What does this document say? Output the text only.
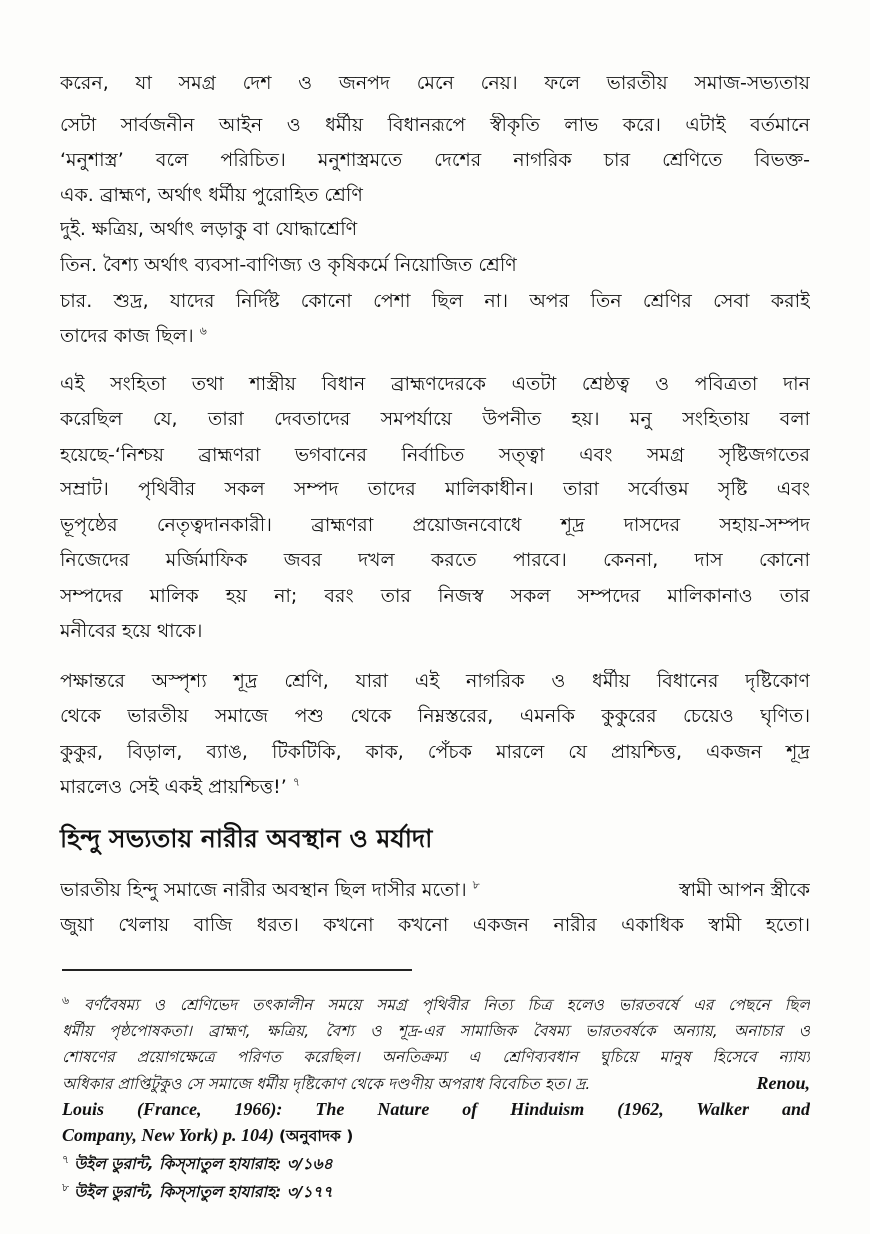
করেন, যা সমগ্র দেশ ও জনপদ মেনে নেয়। ফলে ভারতীয় সমাজ-সভ্যতায়
সেটা সার্বজনীন আইন ও ধর্মীয় বিধানরূপে স্বীকৃতি লাভ করে। এটাই বর্তমানে
‘মনুশাস্ত্র’ বলে পরিচিত। মনুশাস্ত্রমতে দেশের নাগরিক চার শ্রেণিতে বিভক্ত-
এক. ব্রাহ্মণ, অর্থাৎ ধর্মীয় পুরোহিত শ্রেণি
দুই. ক্ষত্রিয়, অর্থাৎ লড়াকু বা যোদ্ধাশ্রেণি
তিন. বৈশ্য অর্থাৎ ব্যবসা-বাণিজ্য ও কৃষিকর্মে নিয়োজিত শ্রেণি
চার. শুদ্র, যাদের নির্দিষ্ট কোনো পেশা ছিল না। অপর তিন শ্রেণির সেবা করাই
তাদের কাজ ছিল। $^৬$
এই সংহিতা তথা শাস্ত্রীয় বিধান ব্রাহ্মণদেরকে এতটা শ্রেষ্ঠত্ব ও পবিত্রতা দান
করেছিল যে, তারা দেবতাদের সমপর্যায়ে উপনীত হয়। মনু সংহিতায় বলা
হয়েছে-‘নিশ্চয় ব্রাহ্মণরা ভগবানের নির্বাচিত সত্ত্বা এবং সমগ্র সৃষ্টিজগতের
সম্রাট। পৃথিবীর সকল সম্পদ তাদের মালিকাধীন। তারা সর্বোত্তম সৃষ্টি এবং
ভূপৃষ্ঠের নেতৃত্বদানকারী। ব্রাহ্মণরা প্রয়োজনবোধে শূদ্র দাসদের সহায়-সম্পদ
নিজেদের মর্জিমাফিক জবর দখল করতে পারবে। কেননা, দাস কোনো
সম্পদের মালিক হয় না; বরং তার নিজস্ব সকল সম্পদের মালিকানাও তার
মনীবের হয়ে থাকে।
পক্ষান্তরে অস্পৃশ্য শূদ্র শ্রেণি, যারা এই নাগরিক ও ধর্মীয় বিধানের দৃষ্টিকোণ
থেকে ভারতীয় সমাজে পশু থেকে নিম্নস্তরের, এমনকি কুকুরের চেয়েও ঘৃণিত।
কুকুর, বিড়াল, ব্যাঙ, টিকটিকি, কাক, পেঁচক মারলে যে প্রায়শ্চিত্ত, একজন শূদ্র
মারলেও সেই একই প্রায়শ্চিত্ত!’ $^৭$
হিন্দু সভ্যতায় নারীর অবস্থান ও মর্যাদা
ভারতীয় হিন্দু সমাজে নারীর অবস্থান ছিল দাসীর মতো। $^৮$	স্বামী আপন স্ত্রীকে
জুয়া খেলায় বাজি ধরত। কখনো কখনো একজন নারীর একাধিক স্বামী হতো।
$^৬$ বর্ণবৈষম্য ও শ্রেণিভেদ তৎকালীন সময়ে সমগ্র পৃথিবীর নিত্য চিত্র হলেও ভারতবর্ষে এর পেছনে ছিল
ধর্মীয় পৃষ্ঠপোষকতা। ব্রাহ্মণ, ক্ষত্রিয়, বৈশ্য ও শূদ্র-এর সামাজিক বৈষম্য ভারতবর্ষকে অন্যায়, অনাচার ও
শোষণের প্রয়োগক্ষেত্রে পরিণত করেছিল। অনতিক্রম্য এ শ্রেণিব্যবধান ঘুচিয়ে মানুষ হিসেবে ন্যায্য
অধিকার প্রাপ্তিটুকুও সে সমাজে ধর্মীয় দৃষ্টিকোণ থেকে দণ্ডণীয় অপরাধ বিবেচিত হত। দ্র.	Renou,
Louis (France, 1966): The Nature of Hinduism (1962, Walker and
Company, New York) p. 104) (অনুবাদক )
$^৭$ উইল ডুরান্ট, কিস্‌সাতুল হাযারাহ: ৩/১৬৪
$^৮$ উইল ডুরান্ট, কিস্‌সাতুল হাযারাহ: ৩/১৭৭
